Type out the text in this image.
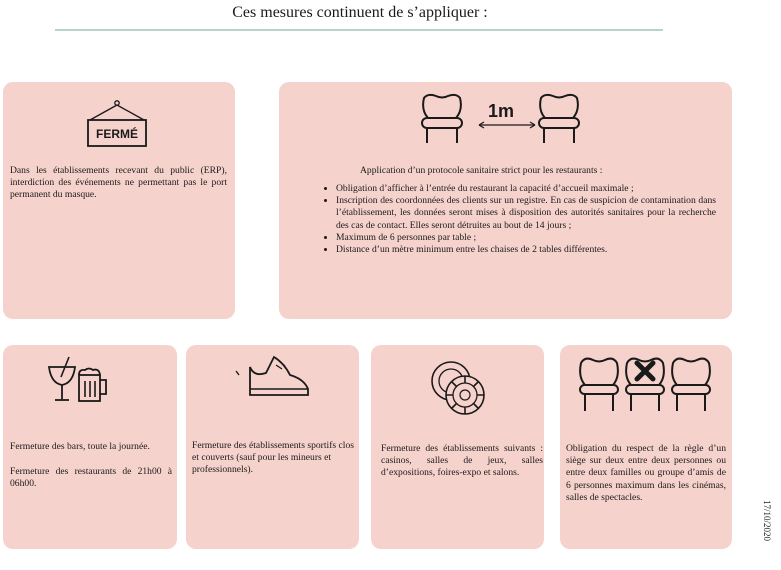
Ces mesures continuent de s’appliquer :
FERMÉ
Dans les établissements recevant du public (ERP), interdiction des événements ne permettant pas le port permanent du masque.
1m
Application d’un protocole sanitaire strict pour les restaurants :
• Obligation d’afficher à l’entrée du restaurant la capacité d’accueil maximale ;
• Inscription des coordonnées des clients sur un registre. En cas de suspicion de contamination dans l’établissement, les données seront mises à disposition des autorités sanitaires pour la recherche des cas de contact. Elles seront détruites au bout de 14 jours ;
• Maximum de 6 personnes par table ;
• Distance d’un mètre minimum entre les chaises de 2 tables différentes.
Fermeture des bars, toute la journée.
Fermeture des restaurants de 21h00 à 06h00.
Fermeture des établissements sportifs clos et couverts (sauf pour les mineurs et professionnels).
Fermeture des établissements suivants : casinos, salles de jeux, salles d’expositions, foires-expo et salons.
Obligation du respect de la règle d’un siège sur deux entre deux personnes ou entre deux familles ou groupe d’amis de 6 personnes maximum dans les cinémas, salles de spectacles.
17/10/2020
